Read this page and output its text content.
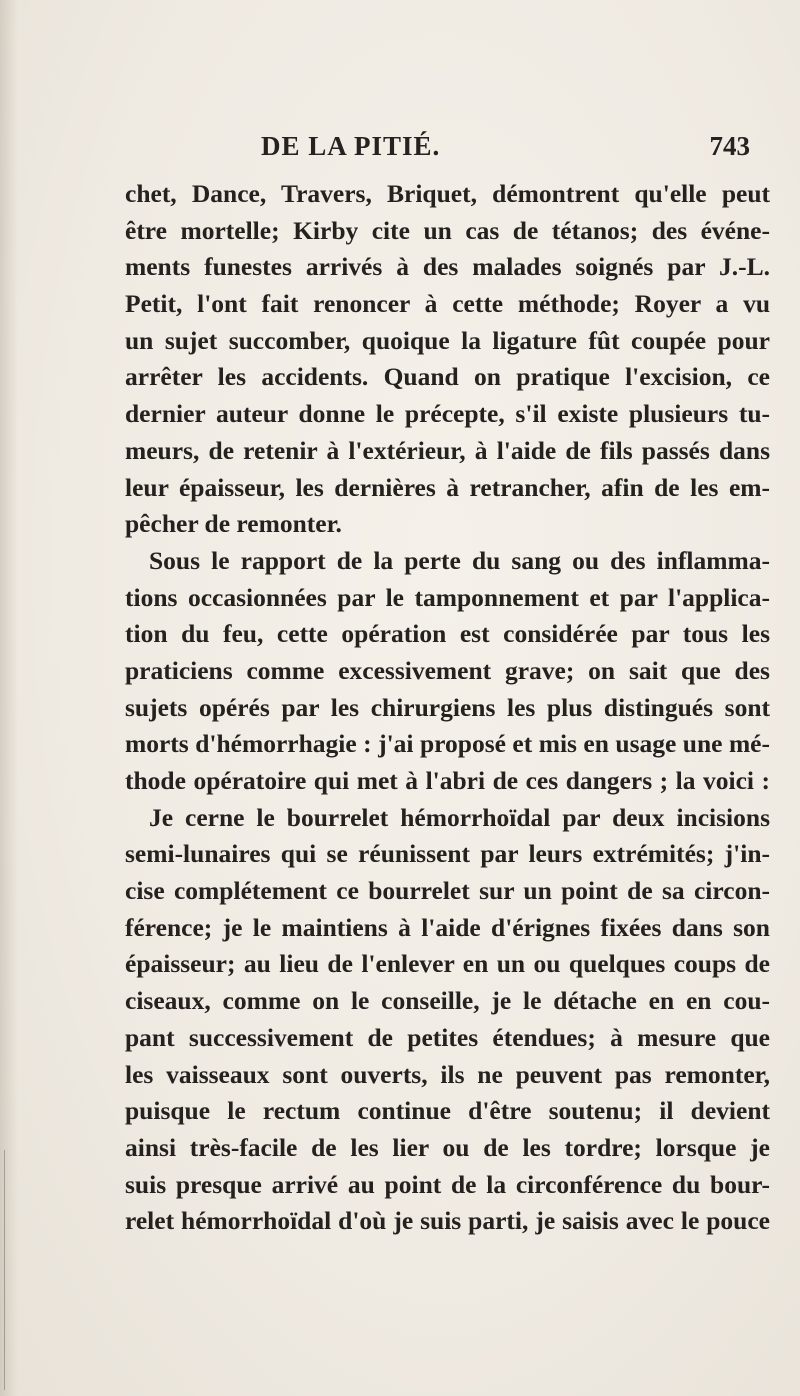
DE LA PITIÉ.	743
chet, Dance, Travers, Briquet, démontrent qu'elle peut
être mortelle; Kirby cite un cas de tétanos; des événe-
ments funestes arrivés à des malades soignés par J.-L.
Petit, l'ont fait renoncer à cette méthode; Royer a vu
un sujet succomber, quoique la ligature fût coupée pour
arrêter les accidents. Quand on pratique l'excision, ce
dernier auteur donne le précepte, s'il existe plusieurs tu-
meurs, de retenir à l'extérieur, à l'aide de fils passés dans
leur épaisseur, les dernières à retrancher, afin de les em-
pêcher de remonter.
Sous le rapport de la perte du sang ou des inflamma-
tions occasionnées par le tamponnement et par l'applica-
tion du feu, cette opération est considérée par tous les
praticiens comme excessivement grave; on sait que des
sujets opérés par les chirurgiens les plus distingués sont
morts d'hémorrhagie : j'ai proposé et mis en usage une mé-
thode opératoire qui met à l'abri de ces dangers ; la voici :
Je cerne le bourrelet hémorrhoïdal par deux incisions
semi-lunaires qui se réunissent par leurs extrémités; j'in-
cise complétement ce bourrelet sur un point de sa circon-
férence; je le maintiens à l'aide d'érignes fixées dans son
épaisseur; au lieu de l'enlever en un ou quelques coups de
ciseaux, comme on le conseille, je le détache en en cou-
pant successivement de petites étendues; à mesure que
les vaisseaux sont ouverts, ils ne peuvent pas remonter,
puisque le rectum continue d'être soutenu; il devient
ainsi très-facile de les lier ou de les tordre; lorsque je
suis presque arrivé au point de la circonférence du bour-
relet hémorrhoïdal d'où je suis parti, je saisis avec le pouce
